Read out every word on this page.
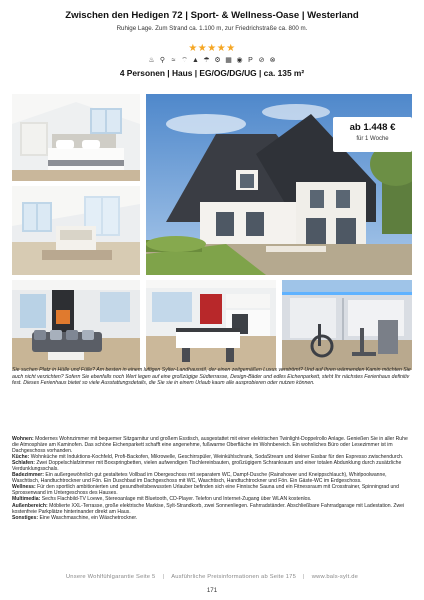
Zwischen den Hedigen 72 | Sport- & Wellness-Oase | Westerland
Ruhige Lage. Zum Strand ca. 1.100 m, zur Friedrichstraße ca. 800 m.
★★★★★
♨ ⚲ ≈ ⌔ ▲ ☂ ⚙ ▦ ◉ P ⊘ ⊗
4 Personen | Haus | EG/OG/DG/UG | ca. 135 m²
ab 1.448 €
für 1 Woche

Sie suchen Platz in Hülle und Fülle? Am besten in einem luftigen Sylter-Landhausstil, der einen zeitgemäßen Luxus verströmt? Und auf Ihren wärmenden Kamin möchten Sie auch nicht verzichten? Sofern Sie ebenfalls noch Wert legen auf eine großzügige Südterrasse, Design-Bäder und edles Eichenparkett, steht Ihr nächstes Ferienhaus definitiv fest. Dieses Ferienhaus bietet so viele Ausstattungsdetails, die Sie sie in einem Urlaub kaum alle ausprobieren oder nutzen können.

Wohnen: Modernes Wohnzimmer mit bequemer Sitzgarnitur und großem Esstisch, ausgestattet mit einer elektrischen Twinlight-Doppelrollo Anlage. Genießen Sie in aller Ruhe die Atmosphäre am Kaminofen. Das schöne Eichenparkett schafft eine angenehme, fußwarme Oberfläche im Wohnbereich. Ein wohnliches Büro oder Lesezimmer ist im Dachgeschoss vorhanden.

Küche: Wohnküche mit Induktions-Kochfeld, Profi-Backofen, Mikrowelle, Geschirrspüler, Weinkühlschrank, SodaStream und kleiner Essbar für den Espresso zwischendurch.

Schlafen: Zwei Doppelschlafzimmer mit Boxspringbetten, vielen aufwendigen Tischlereinbauten, großzügigem Schrankraum und einer totalen Abdunklung durch zusätzliche Verdunklungsschals.

Badezimmer: Ein außergewöhnlich gut gestaltetes Vollbad im Obergeschoss mit separatem WC, Dampf-Dusche (Rainshower und Kneippschlauch), Whirlpoolwanne, Waschtisch, Handtuchtrockner und Fön. Ein Duschbad im Dachgeschoss mit WC, Waschtisch, Handtuchtrockner und Fön. Ein Gäste-WC im Erdgeschoss.

Wellness: Für den sportlich ambitionierten und gesundheitsbewussten Urlauber befinden sich eine Finnische Sauna und ein Fitnessraum mit Crosstrainer, Spinningrad und Sprossenwand im Untergeschoss des Hauses.

Multimedia: Sechs Flachbild-TV Loewe, Stereoanlage mit Bluetooth, CD-Player. Telefon und Internet-Zugang über WLAN kostenlos.

Außenbereich: Möblierte XXL-Terrasse, große elektrische Markise, Sylt-Strandkorb, zwei Sonnenliegen. Fahrradständer. Abschließbare Fahrradgarage mit Ladestation. Zwei kostenfreie Parkplätze hinterinander direkt am Haus.

Sonstiges: Eine Waschmaschine, ein Wäschetrockner.

Unsere Wohlfühlgarantie Seite 5 | Ausführliche Preisinformationen ab Seite 175 | www.bals-sylt.de
171
